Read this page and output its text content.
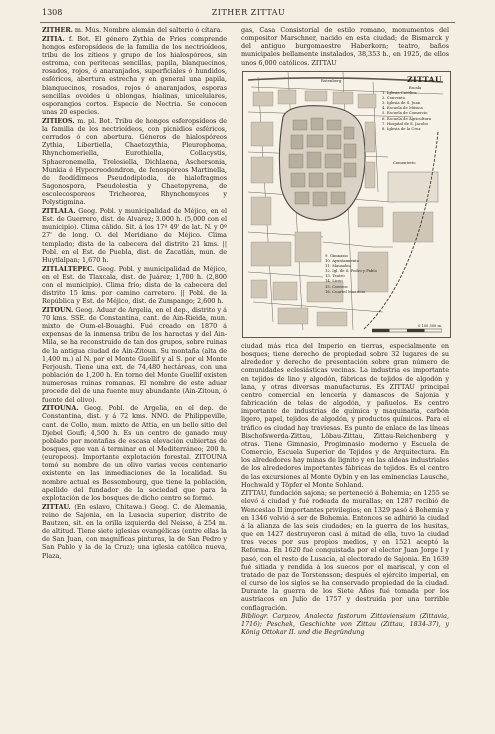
1308	ZITHER ZITTAU

ZITHER. m. Mús. Nombre alemán del salterio ó cítara.

ZITIA. f. Bot. El género Zythia de Fries comprende hongos esferopsídeos de la familia de los nectrioídeos, tribu de los zitieos y grupo de los hialospóreos, sin estroma, con peritecas sencillas, papila, blanquecinos, rosados, rojos, ó anaranjados, superficiales ó hundidos, esféricos, abertura estrecha y en general una papila, blanquecinos, rosados, rojos ó anaranjados, esporas sencillas ovoides ú oblongas, hialinas, unicelulares, esporangios cortos. Especie de Nectria. Se conocen unas 20 especies.

ZITIEOS. m. pl. Bot. Tribu de hongos esferopsídeos de la familia de los nectrioídeos, con picnidios esféricos, cerrados ó con abertura. Géneros de hialospóreos Zythia, Libertiella, Chaetozythia, Pleurophoma, Rhynchomeriella, Eurothiella, Collacystis, Sphaeronemella, Trelosiella, Dichlaena, Aschersonia, Munkia é Hypocreodendron, de fenospóreos Martinella, de feodídimeos Pseudodiplodia, de hialofragmos Sagonospora, Pseudolestia y Chaetopyrena, de escolecosporeos Tricheorea, Rhynchomyces y Polystigmina.

ZITLALA. Geog. Pobl. y municipalidad de Méjico, en el Est. de Guerrero, dist. de Alvarez; 3.000 h. (5,000 con el municipio). Clima cálido. Sit. á los 17º 49' de lat. N. y 0º 27' de long. O. del Meridiano de Méjico. Clima templado; dista de la cabecera del distrito 21 kms. || Pobl. en el Est. de Puebla, dist. de Zacatlán, mun. de Huytlalpan; 1,670 h.

ZITLALTEPEC. Geog. Pobl. y municipalidad de Méjico, en el Est. de Tlaxcala, dist. de Juárez; 1,700 h. (2,800 con el municipio). Clima frío; dista de la cabecera del distrito 15 kms. por camino carretero. || Pobl. de la República y Est. de Méjico, dist. de Zumpango; 2,600 h.

ZITOUN. Geog. Aduar de Argelia, en el dep., distrito y á 70 kms. SSE. de Constantina, cant. de Ain-Rieida, mun. mixto de Oum-el-Bouaghi. Fué creado en 1870 á expensas de la inmensa tribu de los haractas y del Ain-Mila, se ha reconstruido de tan dos grupos, sobre ruinas de la antigua ciudad de Ain-Zitoun. Su montaña (alta de 1,400 m.) al N. por el Monte Guellif y al S. por el Monte Ferjoush. Tiene una ext. de 74,480 hectáreas, con una población de 1,200 h. En torno del Monte Guellif existen numerosas ruinas romanas. El nombre de este aduar procede del de una fuente muy abundante (Ain-Zitoun, ó fuente del olivo).

ZITOUNA. Geog. Pobl. de Argelia, en el dep. de Constantina, dist. y á 72 kms. NNO. de Philippeville, cant. de Collo, mun. mixto de Attia, en un bello sitio del Djebel Goufi; 4,500 h. Es un centro de ganado muy poblado por montañas de escasa elevación cubiertas de bosques, que van á terminar en el Mediterráneo; 200 h. (europeos). Importante explotación forestal. ZITOUNA tomó su nombre de un olivo varias veces centenario existente en las inmediaciones de la localidad. Su nombre actual es Bessombourg, que tiene la población, apellido del fundador de la sociedad que para la explotación de los bosques de dicho centro se formó.

ZITTAU. (En eslavo, Chitawa.) Geog. C. de Alemania, reino de Sajonia, en la Lusacia superior, distrito de Bautzen, sit. en la orilla izquierda del Neisse, á 254 m. de altitud. Tiene siete iglesias evangélicas (entre ellas la de San Juan, con magníficas pinturas, la de San Pedro y San Pablo y la de la Cruz); una iglesia católica nueva, Plaza,

gas, Casa Consistorial de estilo romano, monumentos del compositor Marschner, nacido en esta ciudad; de Bismarck y del antiguo burgomaestre Haberkorn; teatro, baños municipales bellamente instalados, 38,353 h., en 1925, de ellos unos 6,000 católicos. ZITTAU

ZITTAU
Escala
1. Iglesia Católica
2. Convento
3. Iglesia de S. Juan
4. Escuela de Música
5. Escuela de Comercio
6. Escuela de Agricultura
7. Hospital de S. Jacobo
8. Iglesia de la Cruz
9. Gimnasio
10. Ayuntamiento
11. Mausoleo
12. Igl. de S. Pedro y Pablo
13. Teatro
14. Liceo
15. Correos
16. Cuartel Mauricio
Rotenberg
Cementerio
0 100 500 m.

ciudad más rica del Imperio en tierras, especialmente en bosques; tiene derecho de propiedad sobre 32 lugares de su alrededor y derecho de presentación sobre gran número de comunidades eclesiásticas vecinas. La industria es importante en tejidos de lino y algodón, fábricas de tejidos de algodón y lana, y otras diversas manufacturas. Es ZITTAU principal centro comercial en lencería y damascos de Sajonia y fabricación de telas de algodón, y pañuelos. Es centro importante de industrias de química y maquinaria, carbón ligero, papel, tejidos de algodón, y productos químicos. Para el tráfico es ciudad hay traviesas. Es punto de enlace de las líneas Bischofswerda-Zittau, Löbau-Zittau, Zittau-Reichenberg y otras. Tiene Gimnasio, Progimnasio moderno y Escuela de Comercio, Escuela Superior de Tejidos y de Arquitectura. En los alrededores hay minas de lignito y en las aldeas industriales de los alrededores importantes fábricas de tejidos. Es el centro de las excursiones al Monte Oybin y en las eminencias Lausche, Hochwald y Töpfer el Monte Sohland.

ZITTAU, fundación sajona; se perteneció á Bohemia; en 1255 se elevó á ciudad y fué rodeada de murallas; en 1287 recibió de Wenceslao II importantes privilegios; en 1329 pasó á Bohemia y en 1346 volvió á ser de Bohemia. Entonces se adhirió la ciudad á la alianza de las seis ciudades; en la guerra de los husitas, que en 1427 destruyeron casi á mitad de ella, tuvo la ciudad tres veces por sus propios medios, y en 1521 aceptó la Reforma. En 1620 fué conquistada por el elector Juan Jorge I y pasó, con el resto de Lusacia, al electorado de Sajonia. En 1639 fué sitiada y rendida á los suecos por el mariscal, y con el tratado de paz de Torstensson; después el ejército imperial, en el curso de los siglos se ha conservado propiedad de la ciudad. Durante la guerra de los Siete Años fué tomada por los austríacos en Julio de 1757 y destruida por una terrible conflagración.

Bibliogr. Carpzov, Analecta fastorum Zittaviensium (Zittavia, 1716); Peschek, Geschichte von Zittau (Zittau, 1834-37), y König Ottokar II. und die Begründung
